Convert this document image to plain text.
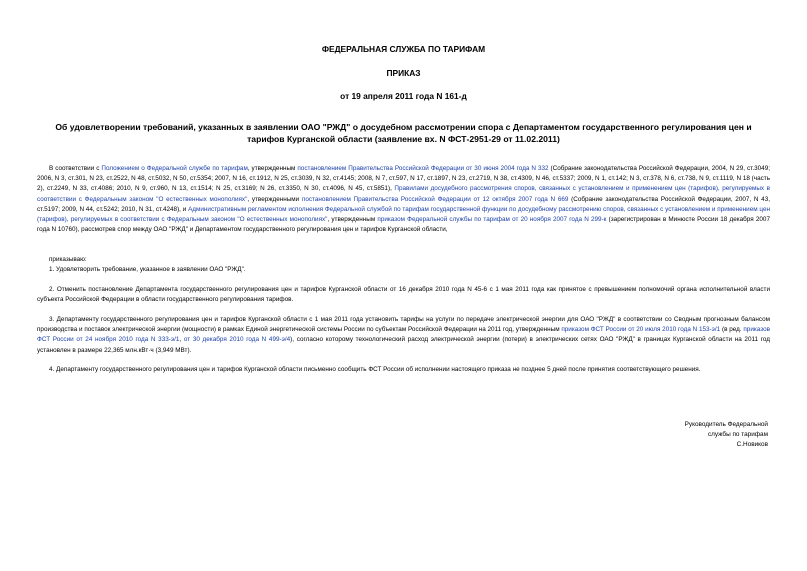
ФЕДЕРАЛЬНАЯ СЛУЖБА ПО ТАРИФАМ
ПРИКАЗ
от 19 апреля 2011 года N 161-д
Об удовлетворении требований, указанных в заявлении ОАО "РЖД" о досудебном рассмотрении спора с Департаментом государственного регулирования цен и тарифов Курганской области (заявление вх. N ФСТ-2951-29 от 11.02.2011)
В соответствии с Положением о Федеральной службе по тарифам, утвержденным постановлением Правительства Российской Федерации от 30 июня 2004 года N 332 (Собрание законодательства Российской Федерации, 2004, N 29, ст.3049; 2006, N 3, ст.301, N 23, ст.2522, N 48, ст.5032, N 50, ст.5354; 2007, N 16, ст.1912, N 25, ст.3039, N 32, ст.4145; 2008, N 7, ст.597, N 17, ст.1897, N 23, ст.2719, N 38, ст.4309, N 46, ст.5337; 2009, N 1, ст.142; N 3, ст.378, N 6, ст.738, N 9, ст.1119, N 18 (часть 2), ст.2249, N 33, ст.4086; 2010, N 9, ст.960, N 13, ст.1514; N 25, ст.3169; N 26, ст.3350, N 30, ст.4096, N 45, ст.5851), Правилами досудебного рассмотрения споров, связанных с установлением и применением цен (тарифов), регулируемых в соответствии с Федеральным законом "О естественных монополиях", утвержденными постановлением Правительства Российской Федерации от 12 октября 2007 года N 669 (Собрание законодательства Российской Федерации, 2007, N 43, ст.5197; 2009, N 44, ст.5242; 2010, N 31, ст.4248), и Административным регламентом исполнения Федеральной службой по тарифам государственной функции по досудебному рассмотрению споров, связанных с установлением и применением цен (тарифов), регулируемых в соответствии с Федеральным законом "О естественных монополиях", утвержденным приказом Федеральной службы по тарифам от 20 ноября 2007 года N 299-к (зарегистрирован в Минюсте России 18 декабря 2007 года N 10760), рассмотрев спор между ОАО "РЖД" и Департаментом государственного регулирования цен и тарифов Курганской области,
приказываю:
1. Удовлетворить требование, указанное в заявлении ОАО "РЖД".
2. Отменить постановление Департамента государственного регулирования цен и тарифов Курганской области от 16 декабря 2010 года N 45-6 с 1 мая 2011 года как принятое с превышением полномочий органа исполнительной власти субъекта Российской Федерации в области государственного регулирования тарифов.
3. Департаменту государственного регулирования цен и тарифов Курганской области с 1 мая 2011 года установить тарифы на услуги по передаче электрической энергии для ОАО "РЖД" в соответствии со Сводным прогнозным балансом производства и поставок электрической энергии (мощности) в рамках Единой энергетической системы России по субъектам Российской Федерации на 2011 год, утвержденным приказом ФСТ России от 20 июля 2010 года N 153-э/1 (в ред. приказов ФСТ России от 24 ноября 2010 года N 333-э/1, от 30 декабря 2010 года N 499-э/4), согласно которому технологический расход электрической энергии (потери) в электрических сетях ОАО "РЖД" в границах Курганской области на 2011 год установлен в размере 22,365 млн.кВт·ч (3,949 МВт).
4. Департаменту государственного регулирования цен и тарифов Курганской области письменно сообщить ФСТ России об исполнении настоящего приказа не позднее 5 дней после принятия соответствующего решения.
Руководитель Федеральной
службы по тарифам
С.Новиков
